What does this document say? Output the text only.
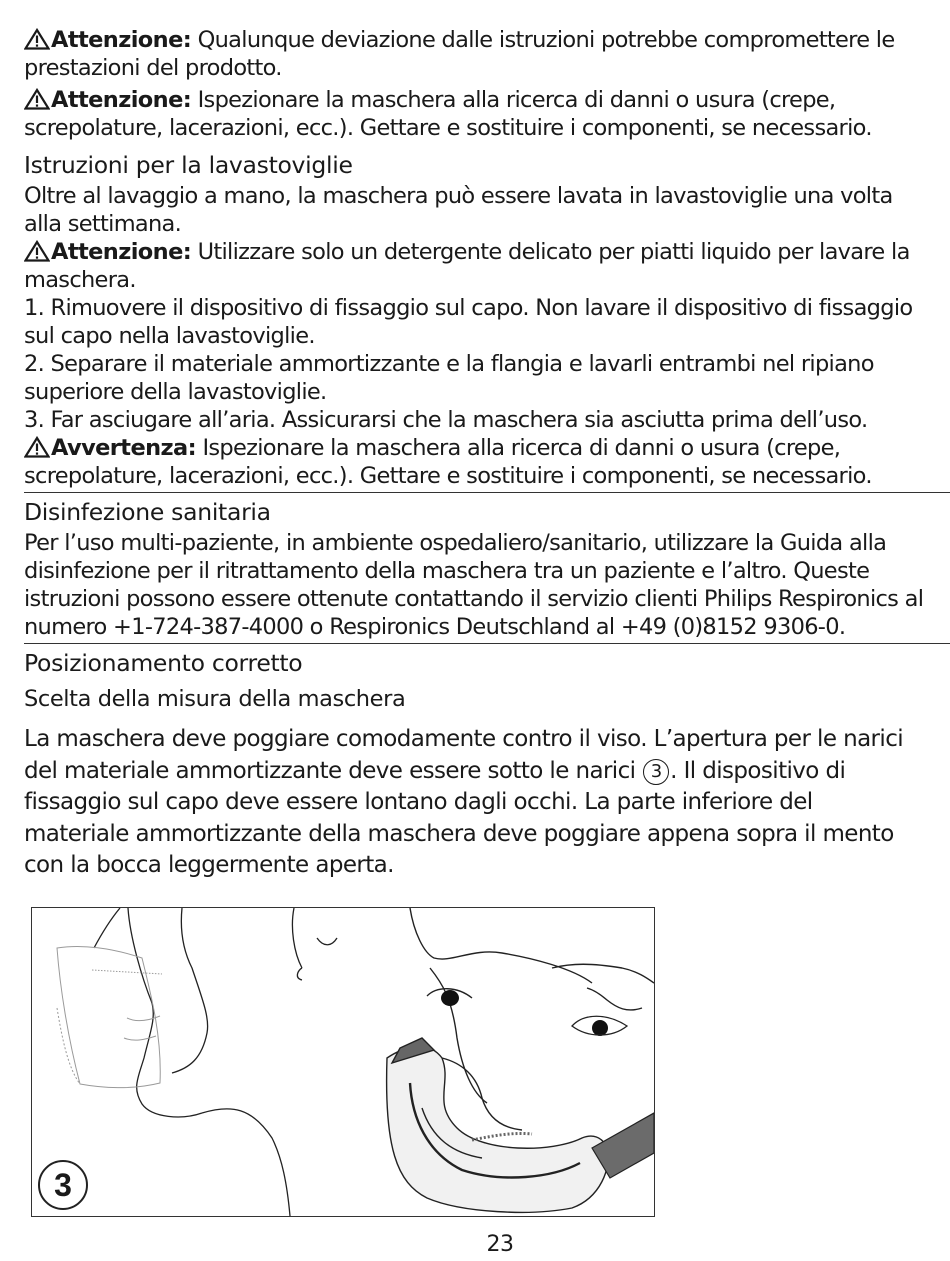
Attenzione: Qualunque deviazione dalle istruzioni potrebbe compromettere le prestazioni del prodotto.

Attenzione: Ispezionare la maschera alla ricerca di danni o usura (crepe, screpolature, lacerazioni, ecc.). Gettare e sostituire i componenti, se necessario.

Istruzioni per la lavastoviglie

Oltre al lavaggio a mano, la maschera può essere lavata in lavastoviglie una volta alla settimana.

Attenzione: Utilizzare solo un detergente delicato per piatti liquido per lavare la maschera.

1. Rimuovere il dispositivo di fissaggio sul capo. Non lavare il dispositivo di fissaggio sul capo nella lavastoviglie.

2. Separare il materiale ammortizzante e la flangia e lavarli entrambi nel ripiano superiore della lavastoviglie.

3. Far asciugare all’aria. Assicurarsi che la maschera sia asciutta prima dell’uso.

Avvertenza: Ispezionare la maschera alla ricerca di danni o usura (crepe, screpolature, lacerazioni, ecc.). Gettare e sostituire i componenti, se necessario.

Disinfezione sanitaria

Per l’uso multi-paziente, in ambiente ospedaliero/sanitario, utilizzare la Guida alla disinfezione per il ritrattamento della maschera tra un paziente e l’altro. Queste istruzioni possono essere ottenute contattando il servizio clienti Philips Respironics al numero +1-724-387-4000 o Respironics Deutschland al +49 (0)8152 9306-0.

Posizionamento corretto
Scelta della misura della maschera

La maschera deve poggiare comodamente contro il viso. L’apertura per le narici del materiale ammortizzante deve essere sotto le narici 3 . Il dispositivo di fissaggio sul capo deve essere lontano dagli occhi. La parte inferiore del materiale ammortizzante della maschera deve poggiare appena sopra il mento con la bocca leggermente aperta.

3
23
